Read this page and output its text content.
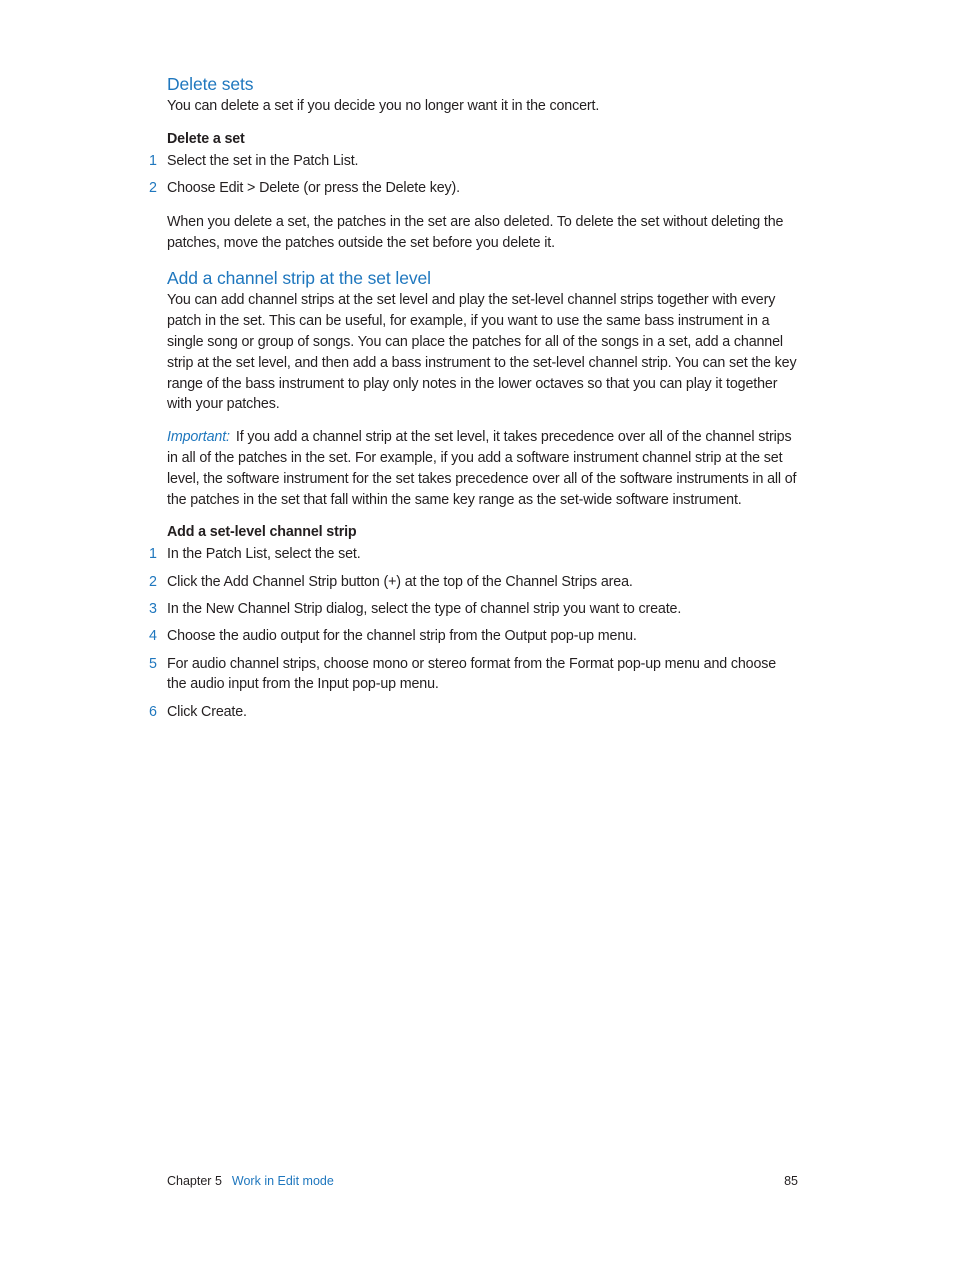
Delete sets

You can delete a set if you decide you no longer want it in the concert.

Delete a set
1 Select the set in the Patch List.
2 Choose Edit > Delete (or press the Delete key).

When you delete a set, the patches in the set are also deleted. To delete the set without deleting the patches, move the patches outside the set before you delete it.

Add a channel strip at the set level

You can add channel strips at the set level and play the set-level channel strips together with every patch in the set. This can be useful, for example, if you want to use the same bass instrument in a single song or group of songs. You can place the patches for all of the songs in a set, add a channel strip at the set level, and then add a bass instrument to the set-level channel strip. You can set the key range of the bass instrument to play only notes in the lower octaves so that you can play it together with your patches.

Important: If you add a channel strip at the set level, it takes precedence over all of the channel strips in all of the patches in the set. For example, if you add a software instrument channel strip at the set level, the software instrument for the set takes precedence over all of the software instruments in all of the patches in the set that fall within the same key range as the set-wide software instrument.

Add a set-level channel strip
1 In the Patch List, select the set.
2 Click the Add Channel Strip button (+) at the top of the Channel Strips area.
3 In the New Channel Strip dialog, select the type of channel strip you want to create.
4 Choose the audio output for the channel strip from the Output pop-up menu.
5 For audio channel strips, choose mono or stereo format from the Format pop-up menu and choose the audio input from the Input pop-up menu.
6 Click Create.
Chapter 5 Work in Edit mode	85
